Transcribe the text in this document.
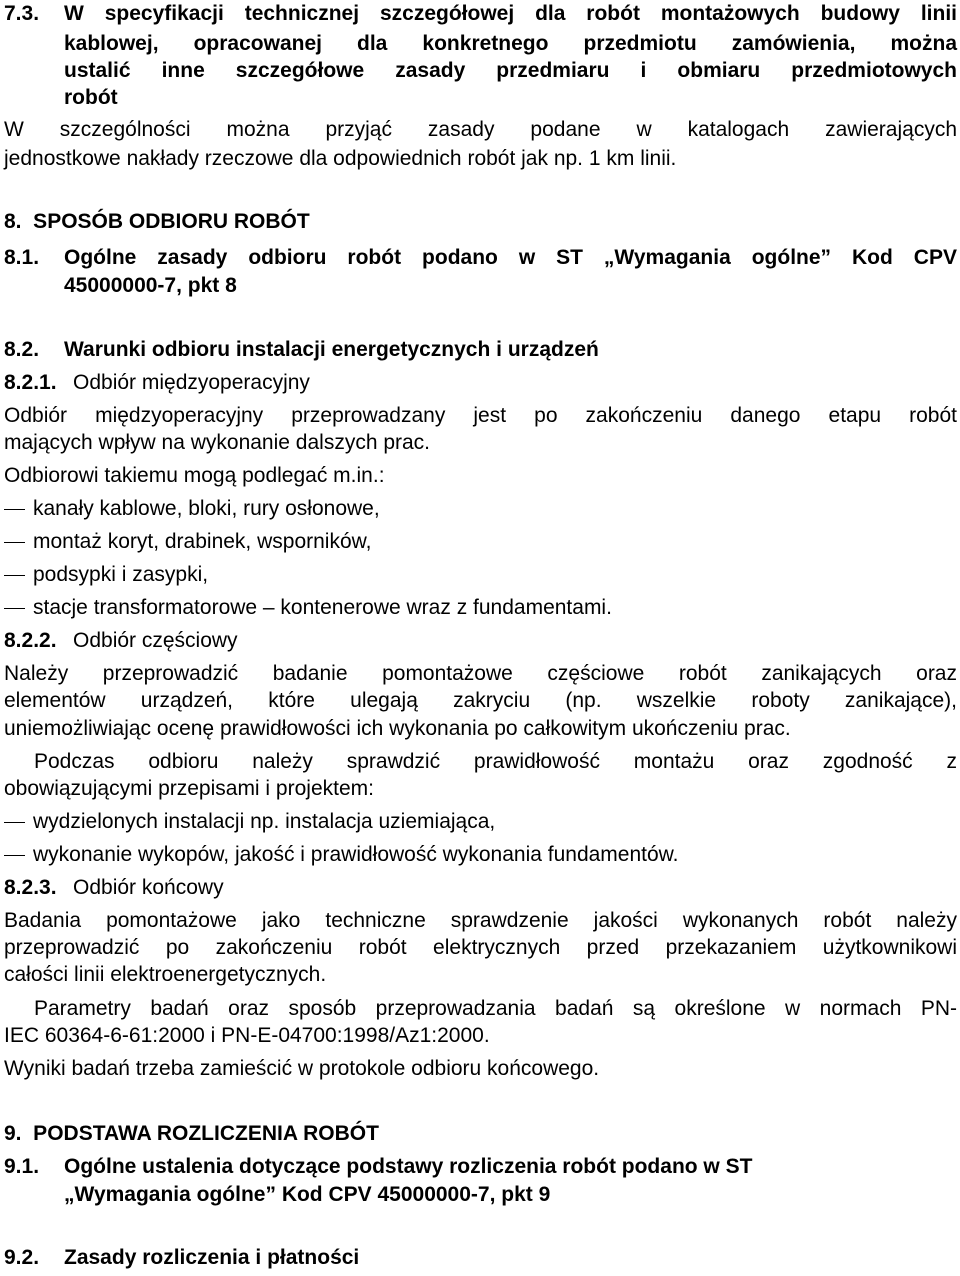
7.3. W specyfikacji technicznej szczegółowej dla robót montażowych budowy linii
kablowej, opracowanej dla konkretnego przedmiotu zamówienia, można
ustalić inne szczegółowe zasady przedmiaru i obmiaru przedmiotowych
robót
W szczególności można przyjąć zasady podane w katalogach zawierających
jednostkowe nakłady rzeczowe dla odpowiednich robót jak np. 1 km linii.
8.  SPOSÓB ODBIORU ROBÓT
8.1. Ogólne zasady odbioru robót podano w ST „Wymagania ogólne” Kod CPV
45000000-7, pkt 8
8.2. Warunki odbioru instalacji energetycznych i urządzeń
8.2.1. Odbiór międzyoperacyjny
Odbiór międzyoperacyjny przeprowadzany jest po zakończeniu danego etapu robót
mających wpływ na wykonanie dalszych prac.
Odbiorowi takiemu mogą podlegać m.in.:
kanały kablowe, bloki, rury osłonowe,
montaż koryt, drabinek, wsporników,
podsypki i zasypki,
stacje transformatorowe – kontenerowe wraz z fundamentami.
8.2.2. Odbiór częściowy
Należy przeprowadzić badanie pomontażowe częściowe robót zanikających oraz
elementów urządzeń, które ulegają zakryciu (np. wszelkie roboty zanikające),
uniemożliwiając ocenę prawidłowości ich wykonania po całkowitym ukończeniu prac.
Podczas odbioru należy sprawdzić prawidłowość montażu oraz zgodność z
obowiązującymi przepisami i projektem:
wydzielonych instalacji np. instalacja uziemiająca,
wykonanie wykopów, jakość i prawidłowość wykonania fundamentów.
8.2.3. Odbiór końcowy
Badania pomontażowe jako techniczne sprawdzenie jakości wykonanych robót należy
przeprowadzić po zakończeniu robót elektrycznych przed przekazaniem użytkownikowi
całości linii elektroenergetycznych.
Parametry badań oraz sposób przeprowadzania badań są określone w normach PN-
IEC 60364-6-61:2000 i PN-E-04700:1998/Az1:2000.
Wyniki badań trzeba zamieścić w protokole odbioru końcowego.
9.  PODSTAWA ROZLICZENIA ROBÓT
9.1. Ogólne ustalenia dotyczące podstawy rozliczenia robót podano w ST
„Wymagania ogólne” Kod CPV 45000000-7, pkt 9
9.2. Zasady rozliczenia i płatności
